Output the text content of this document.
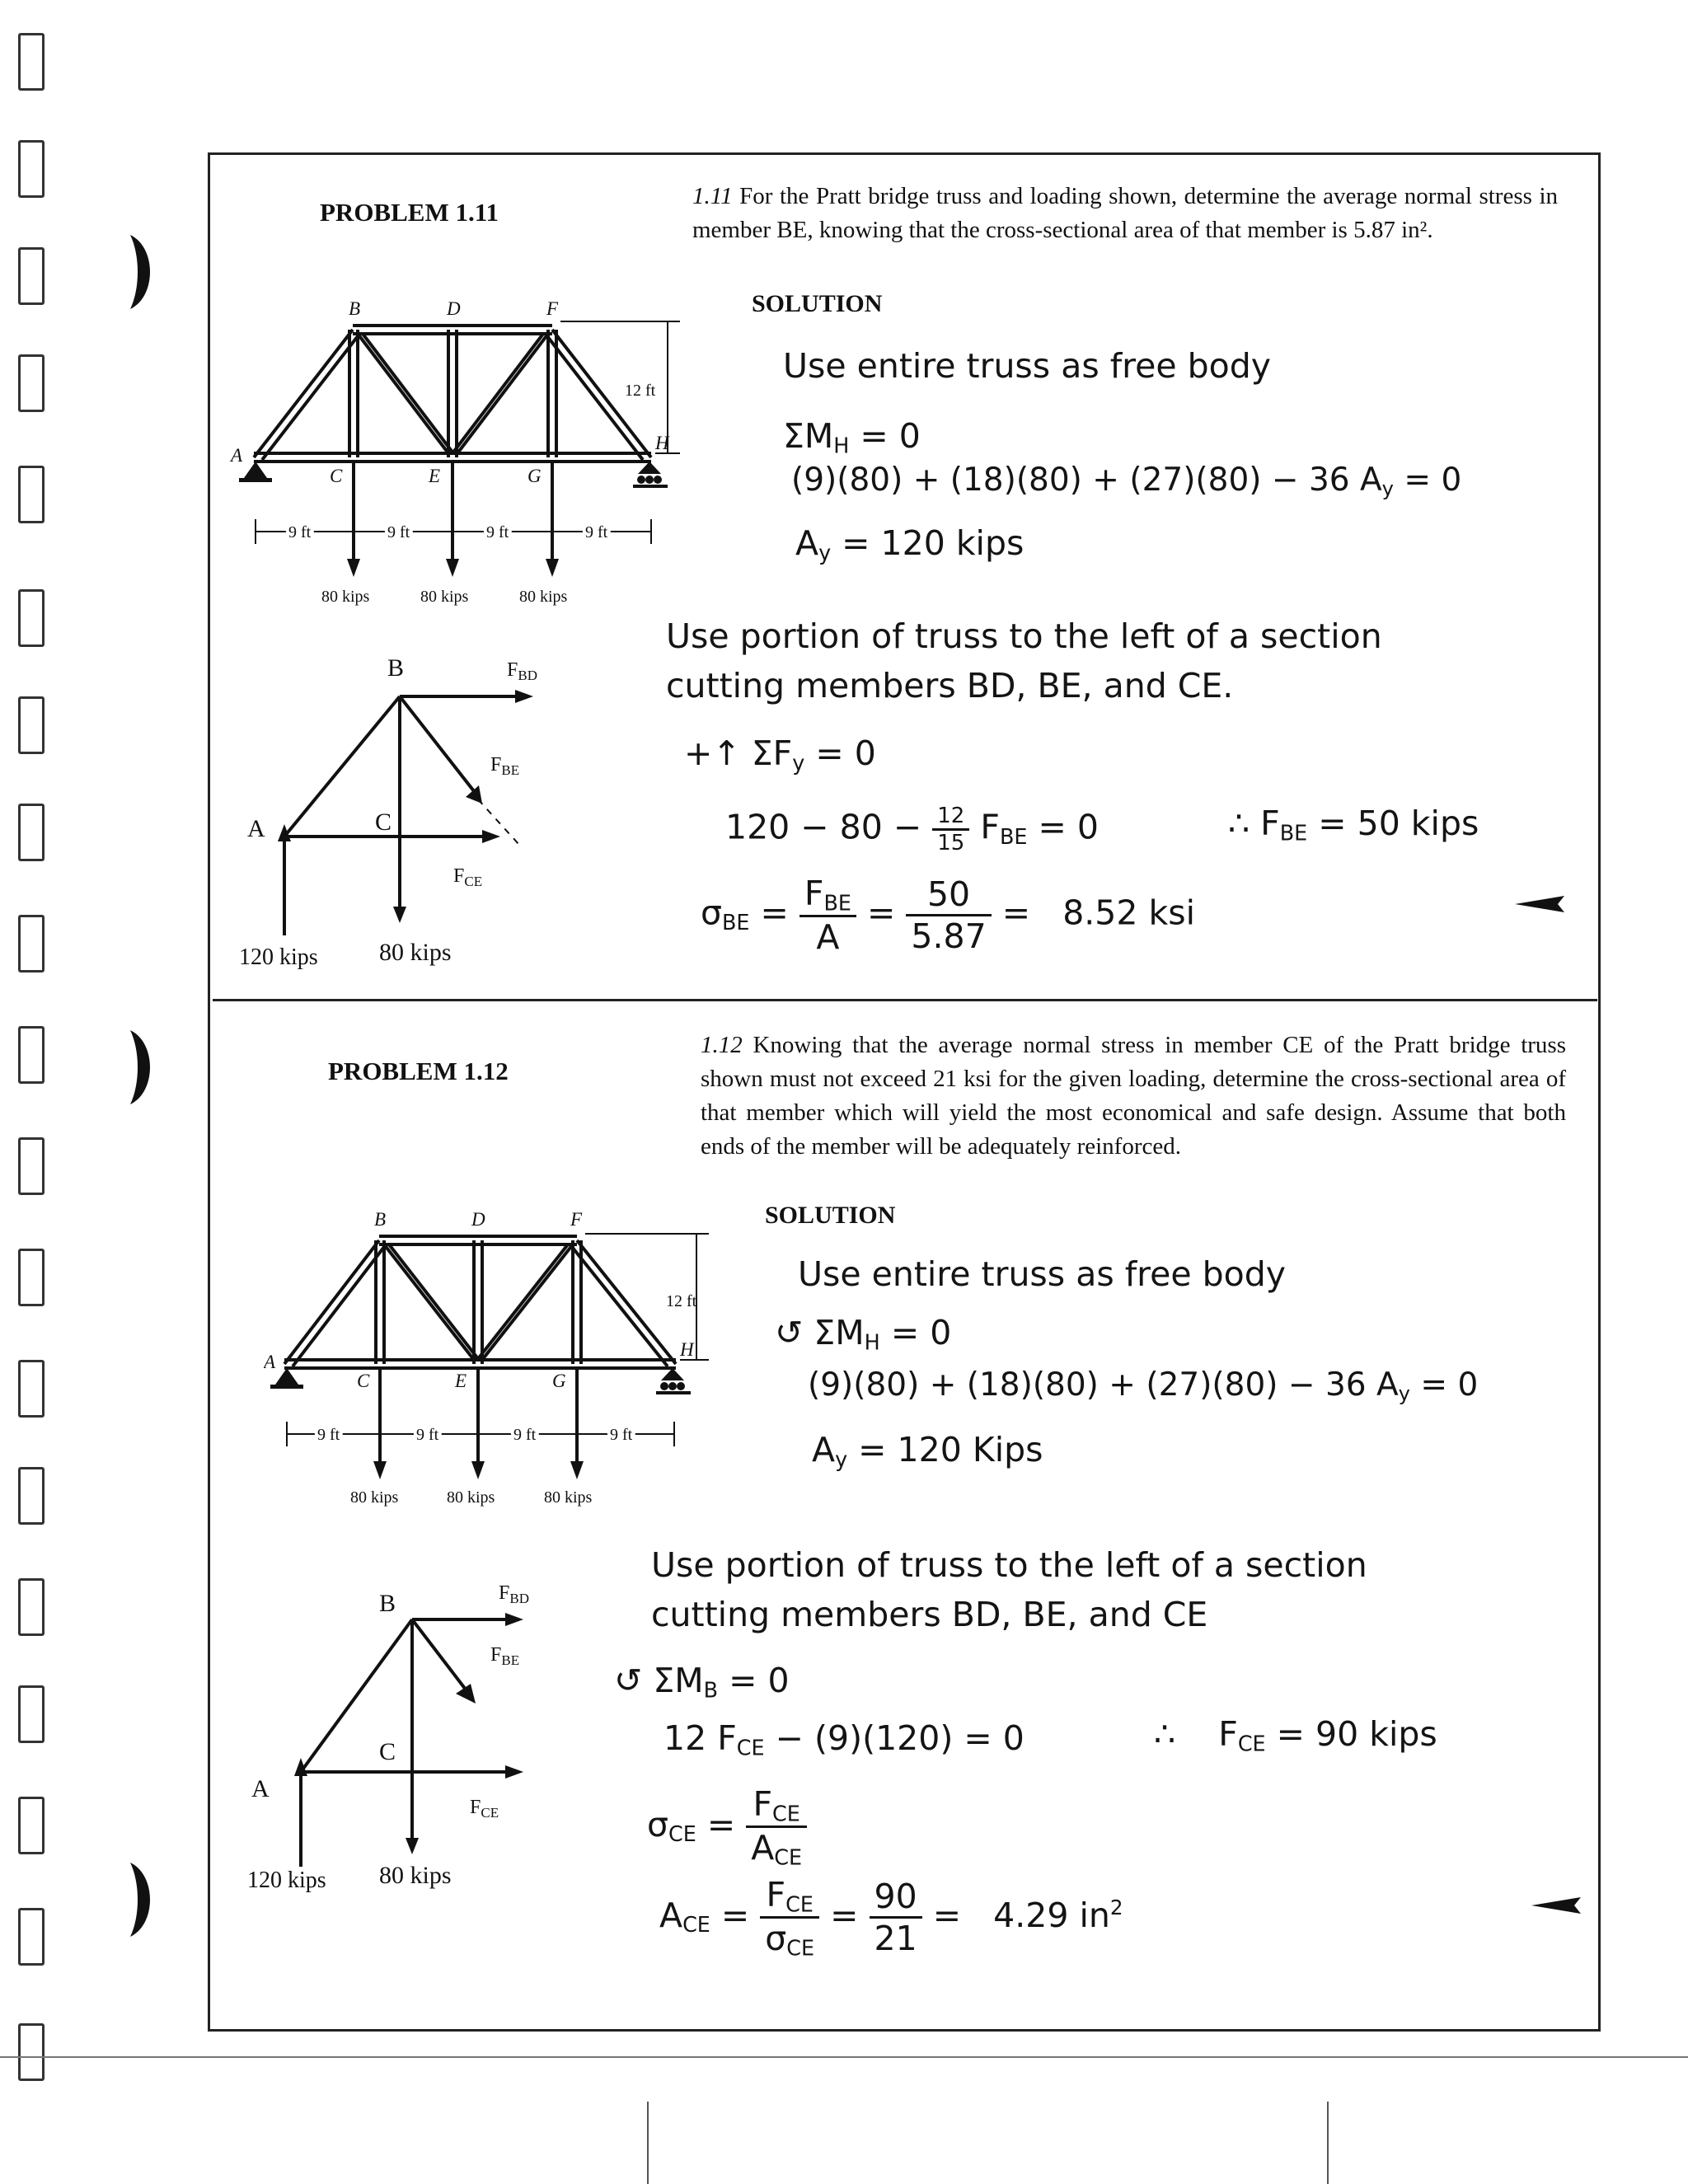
PROBLEM 1.11
1.11 For the Pratt bridge truss and loading shown, determine the average normal stress in member BE, knowing that the cross-sectional area of that member is 5.87 in².
SOLUTION
B	D	F
A
C	E	G
H
12 ft
9 ft	9 ft	9 ft	9 ft
80 kips	80 kips	80 kips
B
A	C
$F_{BD}$
$F_{BE}$
$F_{CE}$
120 kips 80 kips
Use entire truss as free body
$\Sigma M_H = 0$
(9)(80) + (18)(80) + (27)(80) − 36 $A_y = 0$
$A_y = 120$ kips
Use portion of truss to the left of a section
cutting members BD, BE, and CE.
+↑ $\Sigma F_y = 0$
$120 - 80 - \frac{12}{15} F_{BE} = 0$	∴ $F_{BE} = 50$ kips
$\sigma_{BE} = \frac{F_{BE}}{A} = \frac{50}{5.87} = 8.52$ ksi
PROBLEM 1.12
1.12 Knowing that the average normal stress in member CE of the Pratt bridge truss shown must not exceed 21 ksi for the given loading, determine the cross-sectional area of that member which will yield the most economical and safe design. Assume that both ends of the member will be adequately reinforced.
SOLUTION
B	D	F
A
C	E	G
H
12 ft
9 ft	9 ft	9 ft	9 ft
80 kips	80 kips	80 kips
B
A
C
$F_{BD}$
$F_{BE}$
$F_{CE}$
120 kips 80 kips
Use entire truss as free body
↺ $\Sigma M_H = 0$
(9)(80) + (18)(80) + (27)(80) − 36 $A_y = 0$
$A_y = 120$ Kips
Use portion of truss to the left of a section
cutting members BD, BE, and CE
↺ $\Sigma M_B = 0$
12 $F_{CE} - (9)(120) = 0$	∴    $F_{CE} = 90$ kips
$\sigma_{CE} = \frac{F_{CE}}{A_{CE}}$
$A_{CE} = \frac{F_{CE}}{\sigma_{CE}} = \frac{90}{21} = 4.29$ $in^2$
